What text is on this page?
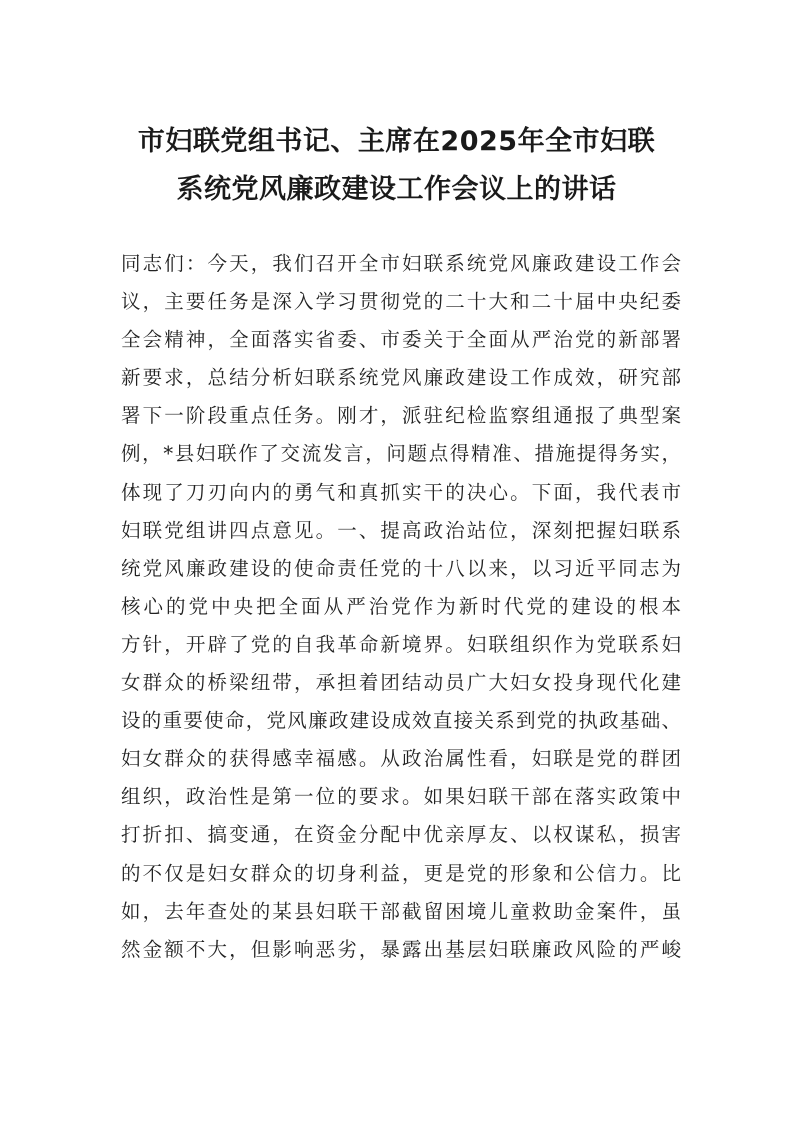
市妇联党组书记、主席在2025年全市妇联
系统党风廉政建设工作会议上的讲话
同志们：今天，我们召开全市妇联系统党风廉政建设工作会
议，主要任务是深入学习贯彻党的二十大和二十届中央纪委
全会精神，全面落实省委、市委关于全面从严治党的新部署
新要求，总结分析妇联系统党风廉政建设工作成效，研究部
署下一阶段重点任务。刚才，派驻纪检监察组通报了典型案
例，*县妇联作了交流发言，问题点得精准、措施提得务实，
体现了刀刃向内的勇气和真抓实干的决心。下面，我代表市
妇联党组讲四点意见。一、提高政治站位，深刻把握妇联系
统党风廉政建设的使命责任党的十八以来，以习近平同志为
核心的党中央把全面从严治党作为新时代党的建设的根本
方针，开辟了党的自我革命新境界。妇联组织作为党联系妇
女群众的桥梁纽带，承担着团结动员广大妇女投身现代化建
设的重要使命，党风廉政建设成效直接关系到党的执政基础、
妇女群众的获得感幸福感。从政治属性看，妇联是党的群团
组织，政治性是第一位的要求。如果妇联干部在落实政策中
打折扣、搞变通，在资金分配中优亲厚友、以权谋私，损害
的不仅是妇女群众的切身利益，更是党的形象和公信力。比
如，去年查处的某县妇联干部截留困境儿童救助金案件，虽
然金额不大，但影响恶劣，暴露出基层妇联廉政风险的严峻
